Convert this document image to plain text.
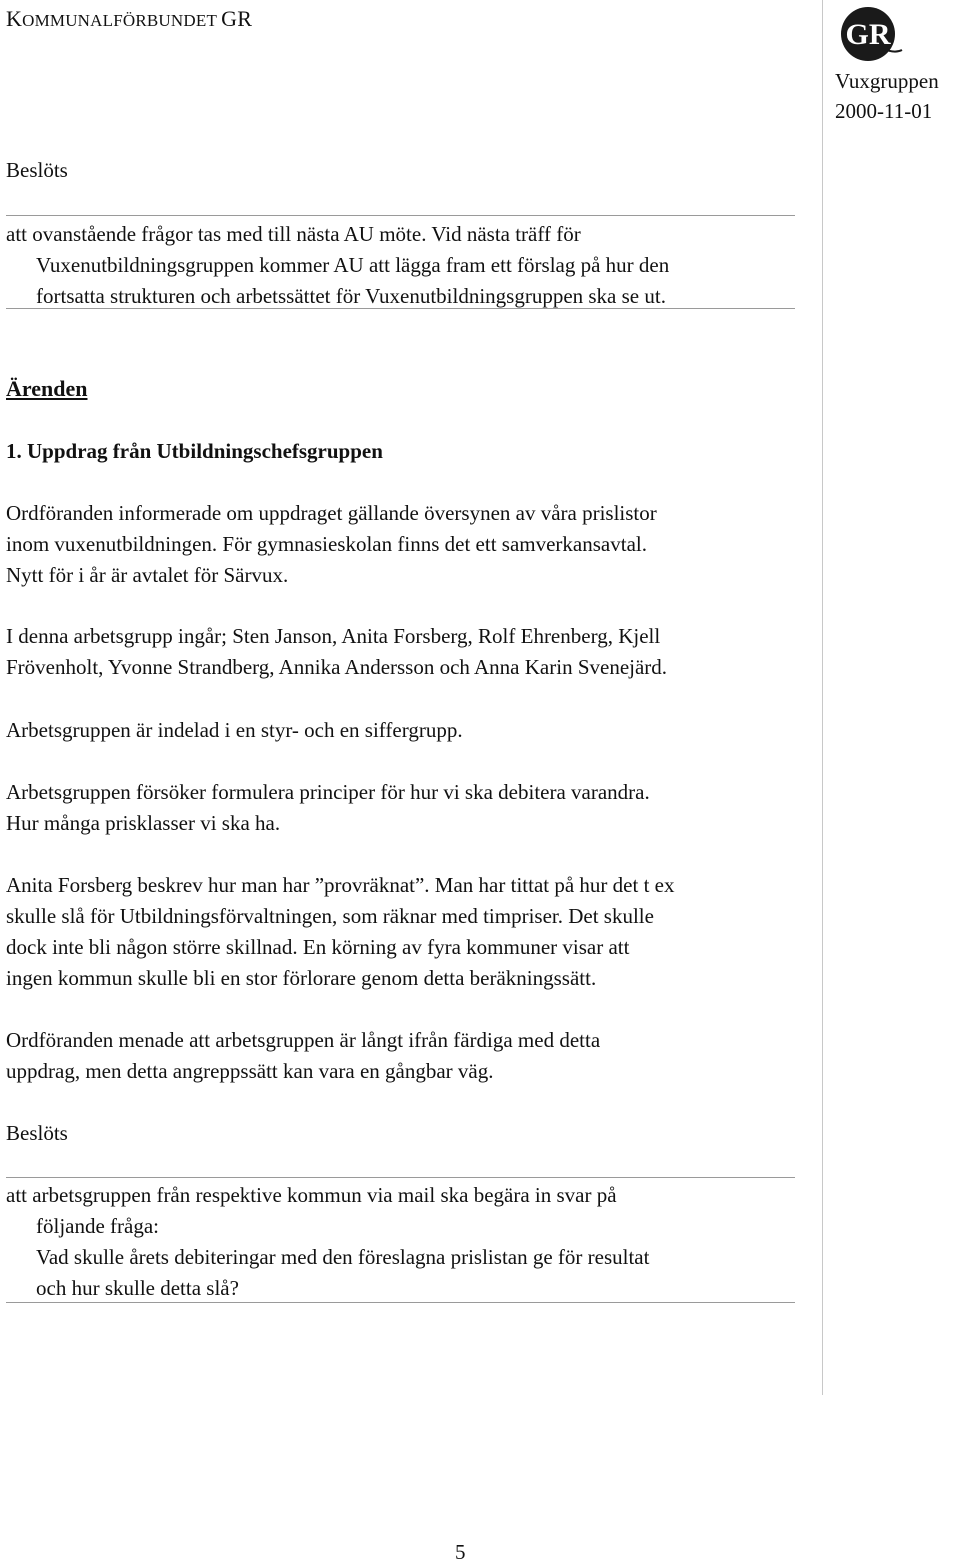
KOMMUNALFÖRBUNDET GR	GR
Vuxgruppen
2000-11-01
Beslöts
att ovanstående frågor tas med till nästa AU möte. Vid nästa träff för
Vuxenutbildningsgruppen kommer AU att lägga fram ett förslag på hur den
fortsatta strukturen och arbetssättet för Vuxenutbildningsgruppen ska se ut.
Ärenden
1. Uppdrag från Utbildningschefsgruppen
Ordföranden informerade om uppdraget gällande översynen av våra prislistor
inom vuxenutbildningen. För gymnasieskolan finns det ett samverkansavtal.
Nytt för i år är avtalet för Särvux.
I denna arbetsgrupp ingår; Sten Janson, Anita Forsberg, Rolf Ehrenberg, Kjell
Frövenholt, Yvonne Strandberg, Annika Andersson och Anna Karin Svenejärd.
Arbetsgruppen är indelad i en styr- och en siffergrupp.
Arbetsgruppen försöker formulera principer för hur vi ska debitera varandra.
Hur många prisklasser vi ska ha.
Anita Forsberg beskrev hur man har ”provräknat”. Man har tittat på hur det t ex
skulle slå för Utbildningsförvaltningen, som räknar med timpriser. Det skulle
dock inte bli någon större skillnad. En körning av fyra kommuner visar att
ingen kommun skulle bli en stor förlorare genom detta beräkningssätt.
Ordföranden menade att arbetsgruppen är långt ifrån färdiga med detta
uppdrag, men detta angreppssätt kan vara en gångbar väg.
Beslöts
att arbetsgruppen från respektive kommun via mail ska begära in svar på
följande fråga:
Vad skulle årets debiteringar med den föreslagna prislistan ge för resultat
och hur skulle detta slå?
5
